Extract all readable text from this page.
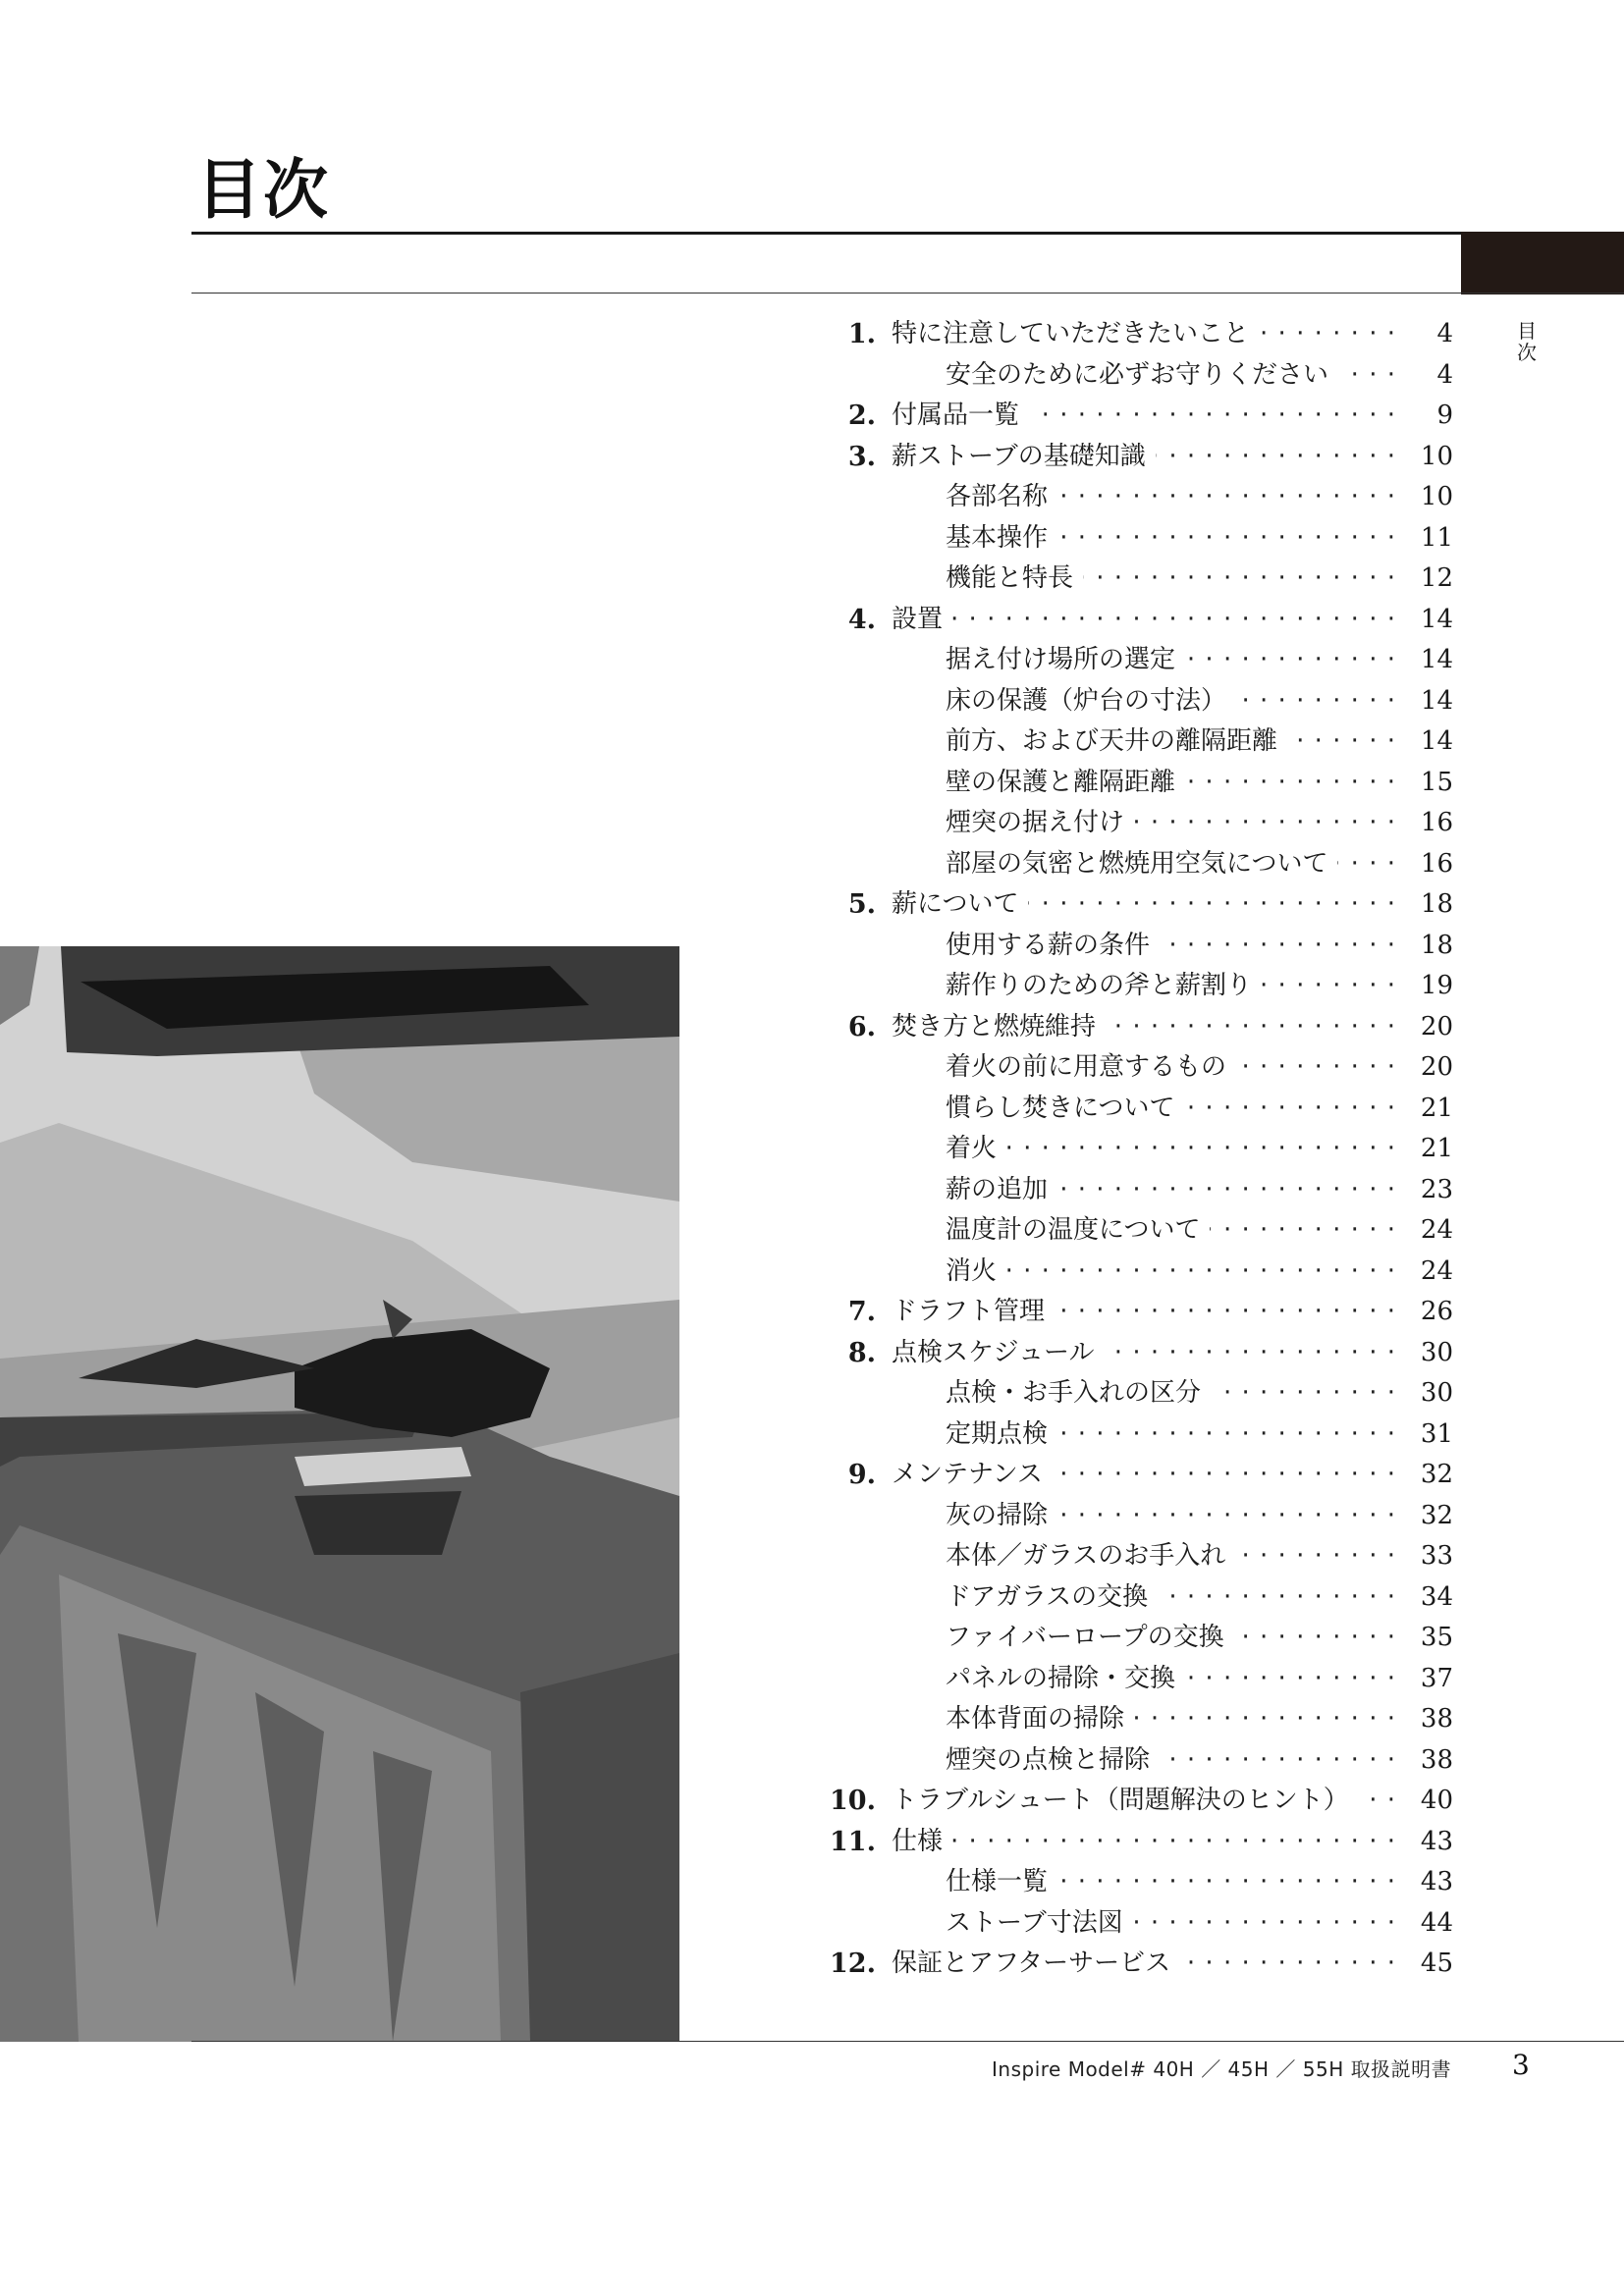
目次
目
次
1. 特に注意していただきたいこと · · ·	4
安全のために必ずお守りください · · ·	4
2. 付属品一覧 · · ·	9
3. 薪ストーブの基礎知識 · · ·	10
各部名称 · · ·	10
基本操作 · · ·	11
機能と特長 · · ·	12
4. 設置 · · ·	14
据え付け場所の選定 · · ·	14
床の保護（炉台の寸法） · · ·	14
前方、および天井の離隔距離 · · ·	14
壁の保護と離隔距離 · · ·	15
煙突の据え付け · · ·	16
部屋の気密と燃焼用空気について · · ·	16
5. 薪について · · ·	18
使用する薪の条件 · · ·	18
薪作りのための斧と薪割り · · ·	19
6. 焚き方と燃焼維持 · · ·	20
着火の前に用意するもの · · ·	20
慣らし焚きについて · · ·	21
着火 · · ·	21
薪の追加 · · ·	23
温度計の温度について · · ·	24
消火 · · ·	24
7. ドラフト管理 · · ·	26
8. 点検スケジュール · · ·	30
点検・お手入れの区分 · · ·	30
定期点検 · · ·	31
9. メンテナンス · · ·	32
灰の掃除 · · ·	32
本体／ガラスのお手入れ · · ·	33
ドアガラスの交換 · · ·	34
ファイバーロープの交換 · · ·	35
パネルの掃除・交換 · · ·	37
本体背面の掃除 · · ·	38
煙突の点検と掃除 · · ·	38
10. トラブルシュート（問題解決のヒント） · · ·	40
11. 仕様 · · ·	43
仕様一覧 · · ·	43
ストーブ寸法図 · · ·	44
12. 保証とアフターサービス · · ·	45
Inspire Model# 40H ／ 45H ／ 55H 取扱説明書 3
